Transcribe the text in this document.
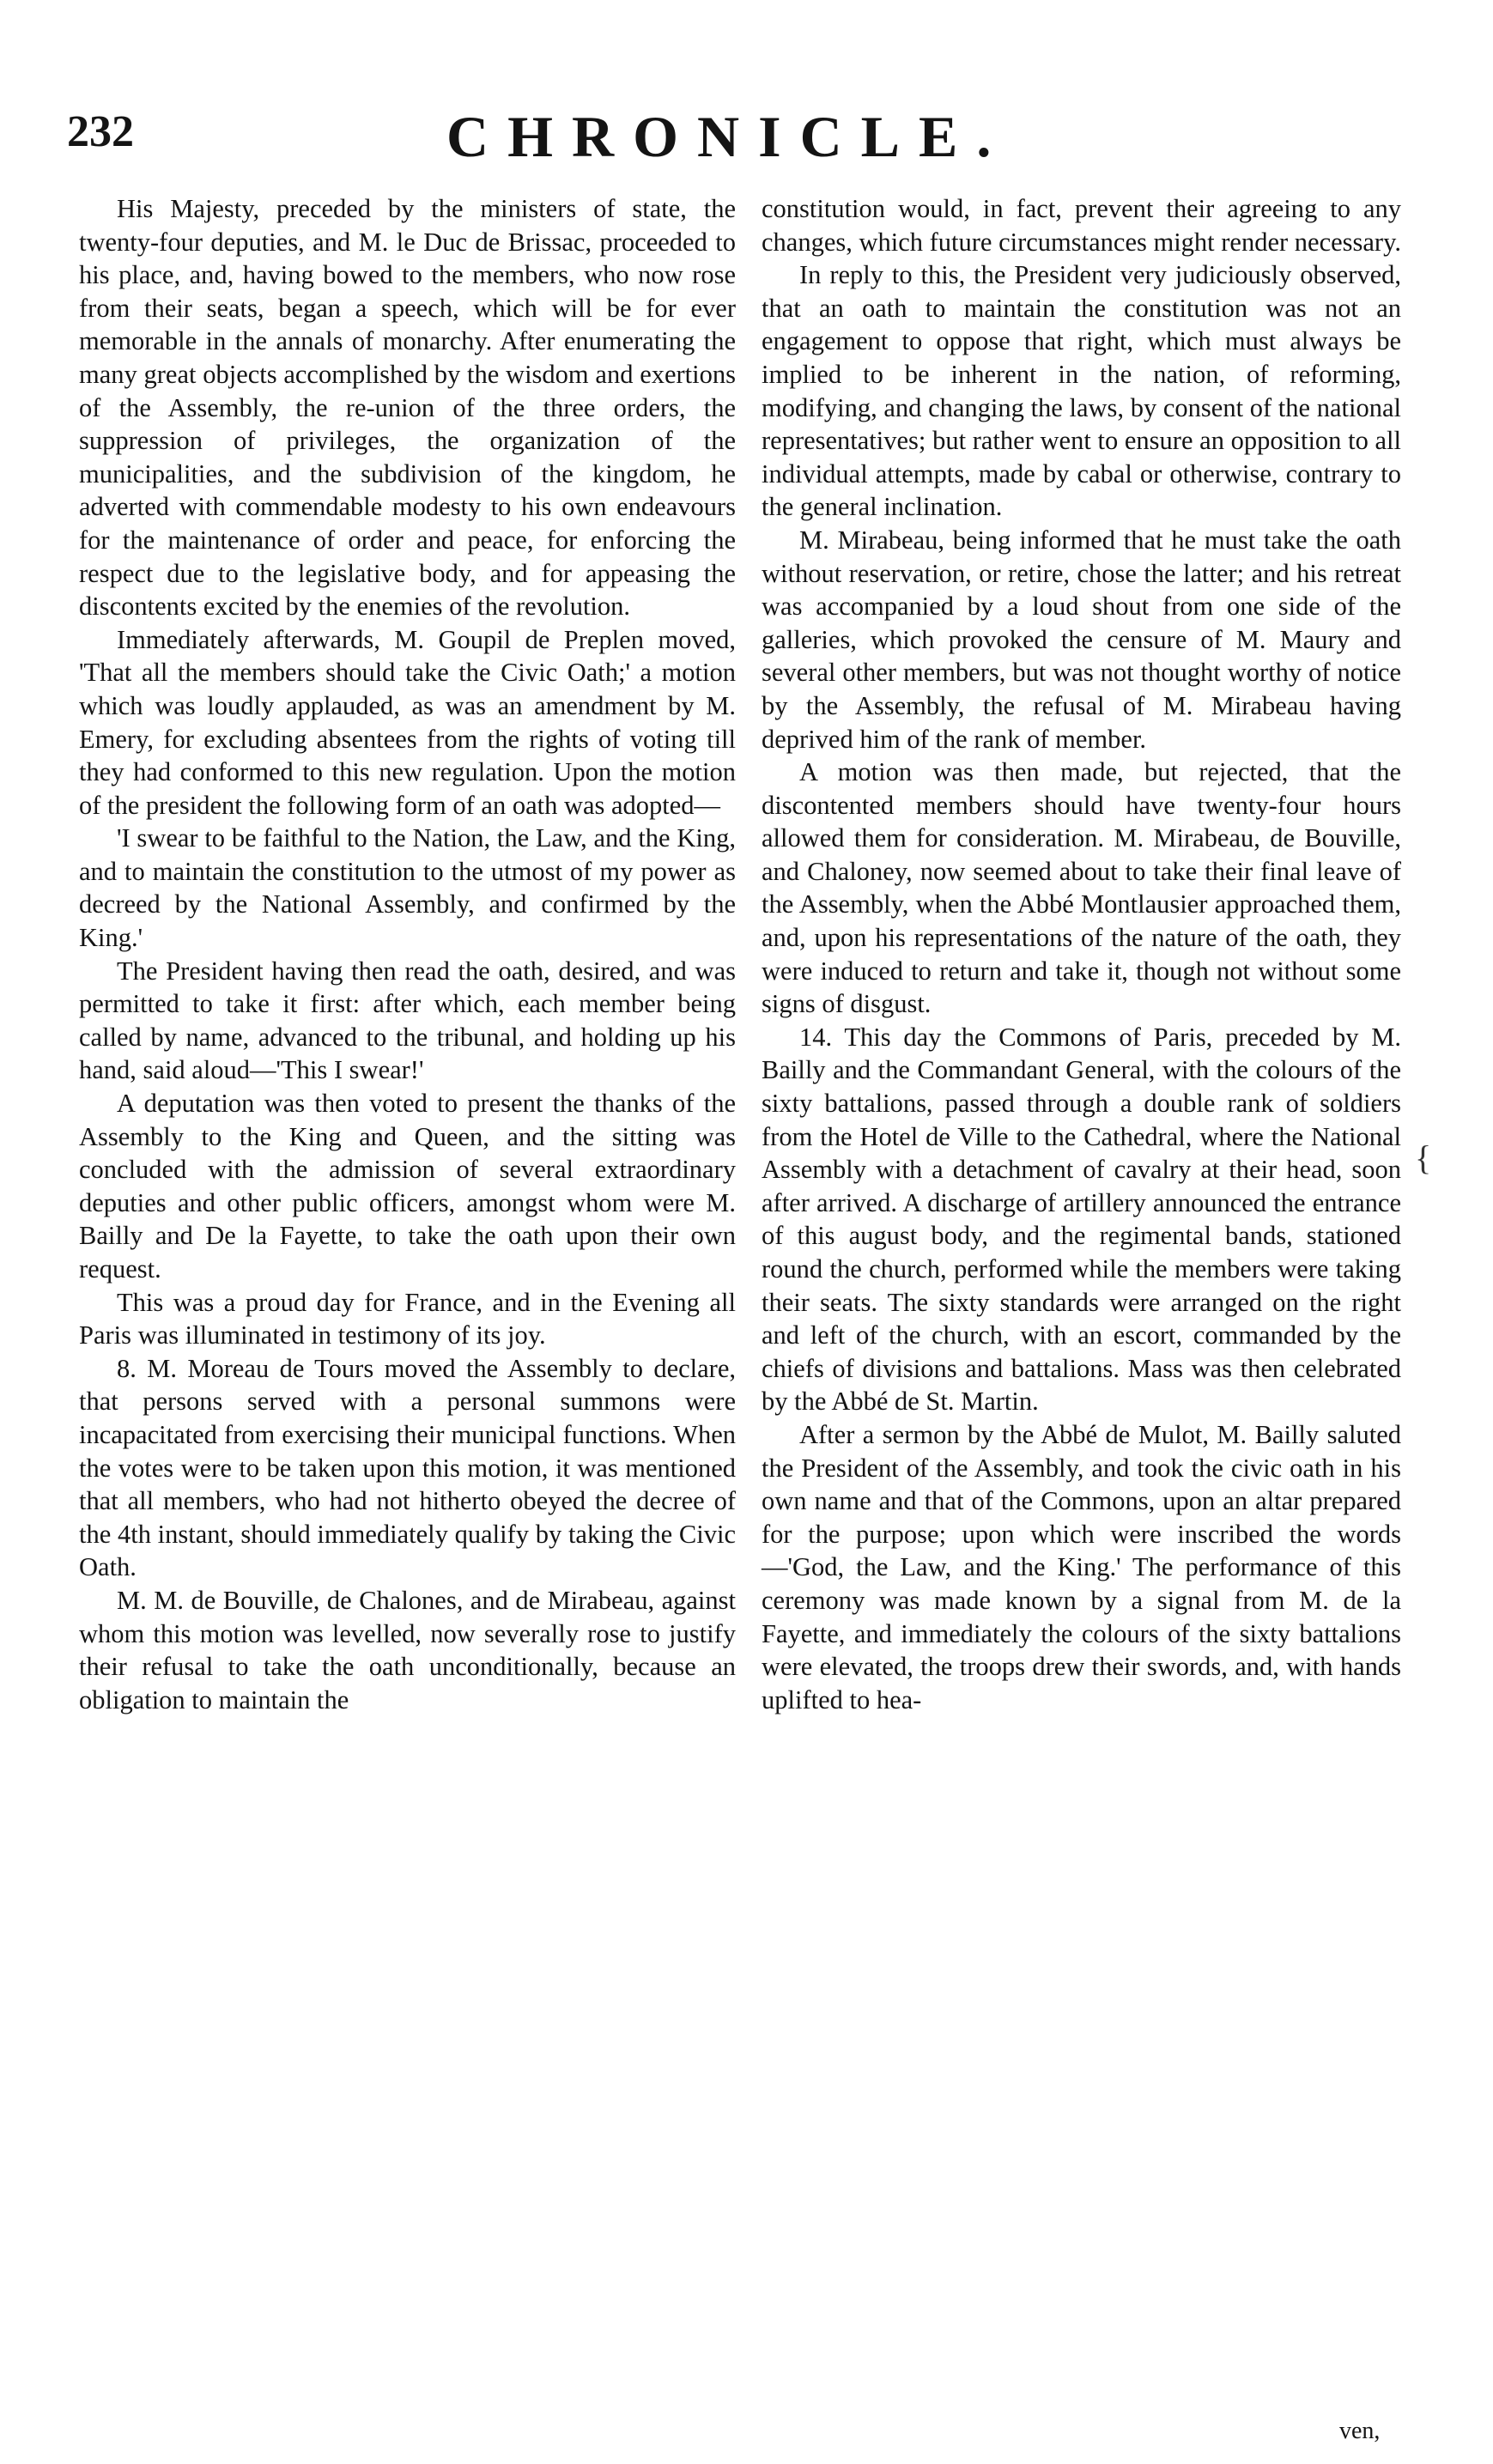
232	CHRONICLE.

His Majesty, preceded by the ministers of state, the twenty-four deputies, and M. le Duc de Brissac, proceeded to his place, and, having bowed to the members, who now rose from their seats, began a speech, which will be for ever memorable in the annals of monarchy. After enumerating the many great objects accomplished by the wisdom and exertions of the Assembly, the re-union of the three orders, the suppression of privileges, the organization of the municipalities, and the subdivision of the kingdom, he adverted with commendable modesty to his own endeavours for the maintenance of order and peace, for enforcing the respect due to the legislative body, and for appeasing the discontents excited by the enemies of the revolution.

Immediately afterwards, M. Goupil de Preplen moved, 'That all the members should take the Civic Oath;' a motion which was loudly applauded, as was an amendment by M. Emery, for excluding absentees from the rights of voting till they had conformed to this new regulation. Upon the motion of the president the following form of an oath was adopted—

'I swear to be faithful to the Nation, the Law, and the King, and to maintain the constitution to the utmost of my power as decreed by the National Assembly, and confirmed by the King.'

The President having then read the oath, desired, and was permitted to take it first: after which, each member being called by name, advanced to the tribunal, and holding up his hand, said aloud—'This I swear!'

A deputation was then voted to present the thanks of the Assembly to the King and Queen, and the sitting was concluded with the admission of several extraordinary deputies and other public officers, amongst whom were M. Bailly and De la Fayette, to take the oath upon their own request.

This was a proud day for France, and in the Evening all Paris was illuminated in testimony of its joy.

8. M. Moreau de Tours moved the Assembly to declare, that persons served with a personal summons were incapacitated from exercising their municipal functions. When the votes were to be taken upon this motion, it was mentioned that all members, who had not hitherto obeyed the decree of the 4th instant, should immediately qualify by taking the Civic Oath.

M. M. de Bouville, de Chalones, and de Mirabeau, against whom this motion was levelled, now severally rose to justify their refusal to take the oath unconditionally, because an obligation to maintain the

constitution would, in fact, prevent their agreeing to any changes, which future circumstances might render necessary.

In reply to this, the President very judiciously observed, that an oath to maintain the constitution was not an engagement to oppose that right, which must always be implied to be inherent in the nation, of reforming, modifying, and changing the laws, by consent of the national representatives; but rather went to ensure an opposition to all individual attempts, made by cabal or otherwise, contrary to the general inclination.

M. Mirabeau, being informed that he must take the oath without reservation, or retire, chose the latter; and his retreat was accompanied by a loud shout from one side of the galleries, which provoked the censure of M. Maury and several other members, but was not thought worthy of notice by the Assembly, the refusal of M. Mirabeau having deprived him of the rank of member.

A motion was then made, but rejected, that the discontented members should have twenty-four hours allowed them for consideration. M. Mirabeau, de Bouville, and Chaloney, now seemed about to take their final leave of the Assembly, when the Abbé Montlausier approached them, and, upon his representations of the nature of the oath, they were induced to return and take it, though not without some signs of disgust.

14. This day the Commons of Paris, preceded by M. Bailly and the Commandant General, with the colours of the sixty battalions, passed through a double rank of soldiers from the Hotel de Ville to the Cathedral, where the National Assembly with a detachment of cavalry at their head, soon after arrived. A discharge of artillery announced the entrance of this august body, and the regimental bands, stationed round the church, performed while the members were taking their seats. The sixty standards were arranged on the right and left of the church, with an escort, commanded by the chiefs of divisions and battalions. Mass was then celebrated by the Abbé de St. Martin.

After a sermon by the Abbé de Mulot, M. Bailly saluted the President of the Assembly, and took the civic oath in his own name and that of the Commons, upon an altar prepared for the purpose; upon which were inscribed the words—'God, the Law, and the King.' The performance of this ceremony was made known by a signal from M. de la Fayette, and immediately the colours of the sixty battalions were elevated, the troops drew their swords, and, with hands uplifted to hea-

{
ven,
